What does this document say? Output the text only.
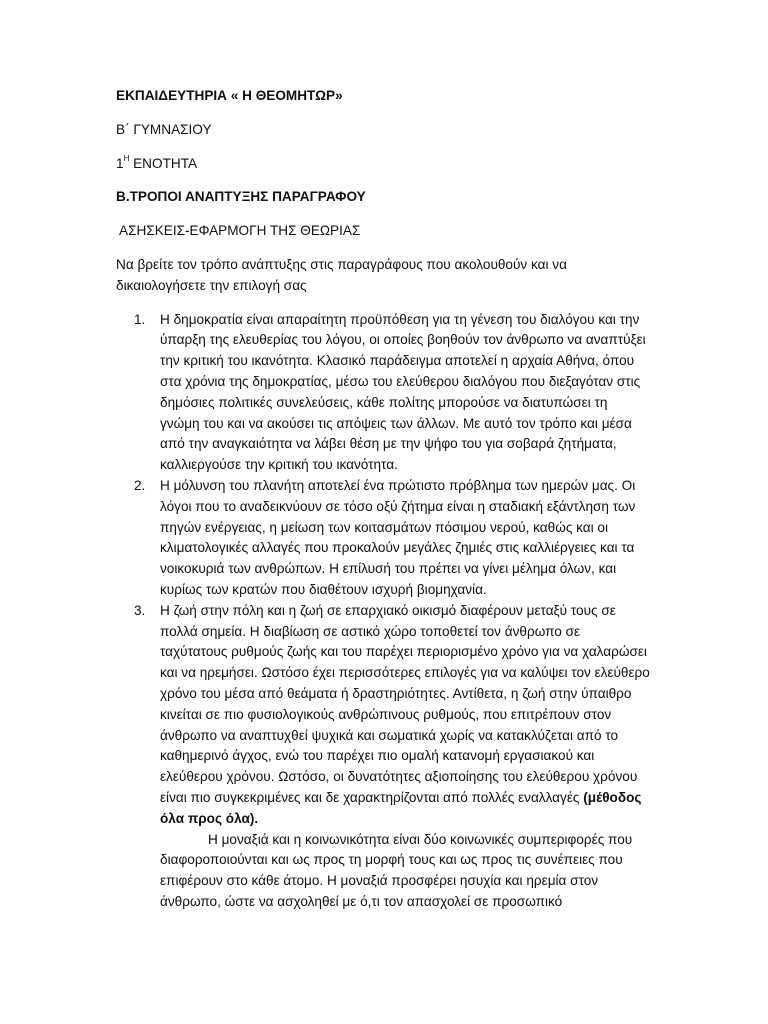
ΕΚΠΑΙΔΕΥΤΗΡΙΑ « Η ΘΕΟΜΗΤΩΡ»

Β΄ ΓΥΜΝΑΣΙΟΥ

$1^H$ ΕΝΟΤΗΤΑ

Β.ΤΡΟΠΟΙ ΑΝΑΠΤΥΞΗΣ ΠΑΡΑΓΡΑΦΟΥ

ΑΣΗΣΚΕΙΣ-ΕΦΑΡΜΟΓΗ ΤΗΣ ΘΕΩΡΙΑΣ

Να βρείτε τον τρόπο ανάπτυξης στις παραγράφους που ακολουθούν και να δικαιολογήσετε την επιλογή σας

1. Η δημοκρατία είναι απαραίτητη προϋπόθεση για τη γένεση του διαλόγου και την ύπαρξη της ελευθερίας του λόγου, οι οποίες βοηθούν τον άνθρωπο να αναπτύξει την κριτική του ικανότητα. Κλασικό παράδειγμα αποτελεί η αρχαία Αθήνα, όπου στα χρόνια της δημοκρατίας, μέσω του ελεύθερου διαλόγου που διεξαγόταν στις δημόσιες πολιτικές συνελεύσεις, κάθε πολίτης μπορούσε να διατυπώσει τη γνώμη του και να ακούσει τις απόψεις των άλλων. Με αυτό τον τρόπο και μέσα από την αναγκαιότητα να λάβει θέση με την ψήφο του για σοβαρά ζητήματα, καλλιεργούσε την κριτική του ικανότητα.
2. Η μόλυνση του πλανήτη αποτελεί ένα πρώτιστο πρόβλημα των ημερών μας. Οι λόγοι που το αναδεικνύουν σε τόσο οξύ ζήτημα είναι η σταδιακή εξάντληση των πηγών ενέργειας, η μείωση των κοιτασμάτων πόσιμου νερού, καθώς και οι κλιματολογικές αλλαγές που προκαλούν μεγάλες ζημιές στις καλλιέργειες και τα νοικοκυριά των ανθρώπων. Η επίλυσή του πρέπει να γίνει μέλημα όλων, και κυρίως των κρατών που διαθέτουν ισχυρή βιομηχανία.
3. Η ζωή στην πόλη και η ζωή σε επαρχιακό οικισμό διαφέρουν μεταξύ τους σε πολλά σημεία. Η διαβίωση σε αστικό χώρο τοποθετεί τον άνθρωπο σε ταχύτατους ρυθμούς ζωής και του παρέχει περιορισμένο χρόνο για να χαλαρώσει και να ηρεμήσει. Ωστόσο έχει περισσότερες επιλογές για να καλύψει τον ελεύθερο χρόνο του μέσα από θεάματα ή δραστηριότητες. Αντίθετα, η ζωή στην ύπαιθρο κινείται σε πιο φυσιολογικούς ανθρώπινους ρυθμούς, που επιτρέπουν στον άνθρωπο να αναπτυχθεί ψυχικά και σωματικά χωρίς να κατακλύζεται από το καθημερινό άγχος, ενώ του παρέχει πιο ομαλή κατανομή εργασιακού και ελεύθερου χρόνου. Ωστόσο, οι δυνατότητες αξιοποίησης του ελεύθερου χρόνου είναι πιο συγκεκριμένες και δε χαρακτηρίζονται από πολλές εναλλαγές (μέθοδος όλα προς όλα).
Η μοναξιά και η κοινωνικότητα είναι δύο κοινωνικές συμπεριφορές που διαφοροποιούνται και ως προς τη μορφή τους και ως προς τις συνέπειες που επιφέρουν στο κάθε άτομο. Η μοναξιά προσφέρει ησυχία και ηρεμία στον άνθρωπο, ώστε να ασχοληθεί με ό,τι τον απασχολεί σε προσωπικό
